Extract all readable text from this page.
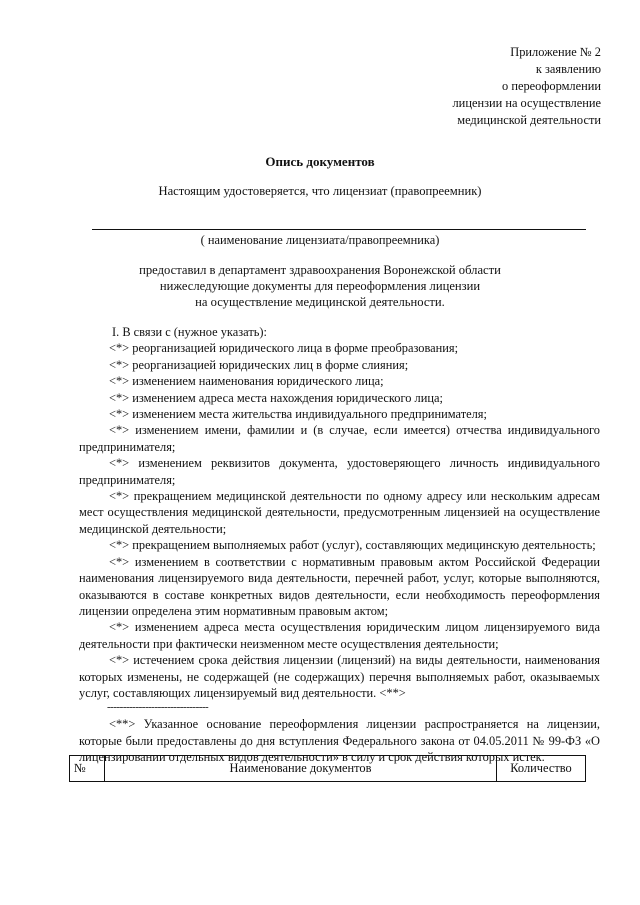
Приложение № 2
к заявлению
о переоформлении
лицензии на осуществление
медицинской деятельности
Опись документов
Настоящим удостоверяется, что лицензиат (правопреемник)
( наименование лицензиата/правопреемника)
предоставил в департамент здравоохранения Воронежской области
нижеследующие документы для переоформления лицензии
на осуществление медицинской деятельности.

I. В связи с (нужное указать):

<*> реорганизацией юридического лица в форме преобразования;

<*> реорганизацией юридических лиц в форме слияния;

<*> изменением наименования юридического лица;

<*> изменением адреса места нахождения юридического лица;

<*> изменением места жительства индивидуального предпринимателя;

<*> изменением имени, фамилии и (в случае, если имеется) отчества индивидуального предпринимателя;

<*> изменением реквизитов документа, удостоверяющего личность индивидуального предпринимателя;

<*> прекращением медицинской деятельности по одному адресу или нескольким адресам мест осуществления медицинской деятельности, предусмотренным лицензией на осуществление медицинской деятельности;

<*> прекращением выполняемых работ (услуг), составляющих медицинскую деятельность;

<*> изменением в соответствии с нормативным правовым актом Российской Федерации наименования лицензируемого вида деятельности, перечней работ, услуг, которые выполняются, оказываются в составе конкретных видов деятельности, если необходимость переоформления лицензии определена этим нормативным правовым актом;

<*> изменением адреса места осуществления юридическим лицом лицензируемого вида деятельности при фактически неизменном месте осуществления деятельности;

<*> истечением срока действия лицензии (лицензий) на виды деятельности, наименования которых изменены, не содержащей (не содержащих) перечня выполняемых работ, оказываемых услуг, составляющих лицензируемый вид деятельности. <**>

--------------------------------

<**> Указанное основание переоформления лицензии распространяется на лицензии, которые были предоставлены до дня вступления Федерального закона от 04.05.2011 № 99-ФЗ «О лицензировании отдельных видов деятельности» в силу и срок действия которых истек.

№	Наименование документов	Количество
